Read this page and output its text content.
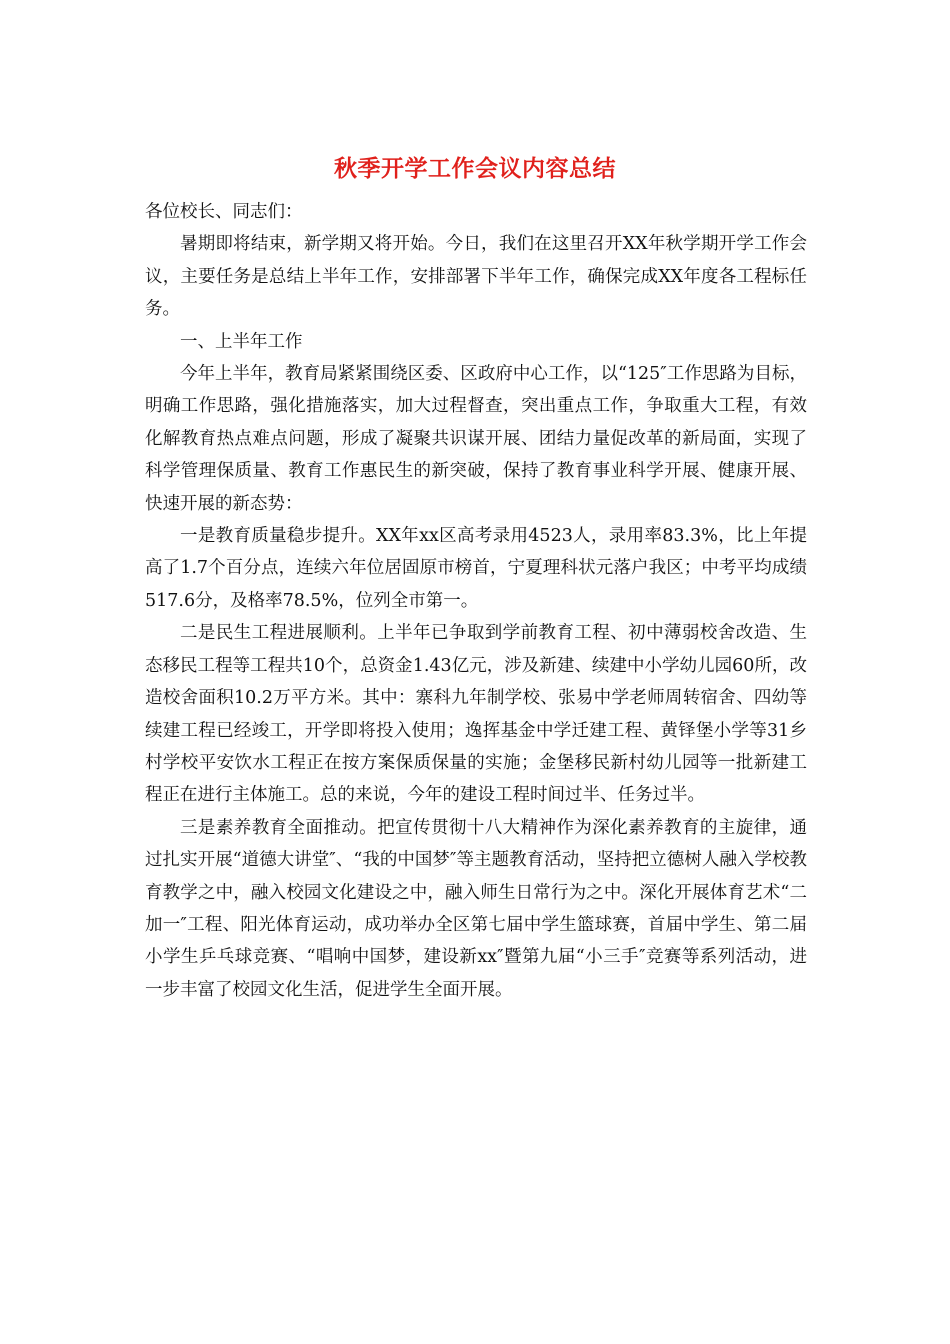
秋季开学工作会议内容总结

各位校长、同志们：

暑期即将结束，新学期又将开始。今日，我们在这里召开XX年秋学期开学工作会议，主要任务是总结上半年工作，安排部署下半年工作，确保完成XX年度各工程标任务。

一、上半年工作

今年上半年，教育局紧紧围绕区委、区政府中心工作，以“125″工作思路为目标，明确工作思路，强化措施落实，加大过程督查，突出重点工作，争取重大工程，有效化解教育热点难点问题，形成了凝聚共识谋开展、团结力量促改革的新局面，实现了科学管理保质量、教育工作惠民生的新突破，保持了教育事业科学开展、健康开展、快速开展的新态势：

一是教育质量稳步提升。XX年xx区高考录用4523人，录用率83.3%，比上年提高了1.7个百分点，连续六年位居固原市榜首，宁夏理科状元落户我区；中考平均成绩517.6分，及格率78.5%，位列全市第一。

二是民生工程进展顺利。上半年已争取到学前教育工程、初中薄弱校舍改造、生态移民工程等工程共10个，总资金1.43亿元，涉及新建、续建中小学幼儿园60所，改造校舍面积10.2万平方米。其中：寨科九年制学校、张易中学老师周转宿舍、四幼等续建工程已经竣工，开学即将投入使用；逸挥基金中学迁建工程、黄铎堡小学等31乡村学校平安饮水工程正在按方案保质保量的实施；金堡移民新村幼儿园等一批新建工程正在进行主体施工。总的来说，今年的建设工程时间过半、任务过半。

三是素养教育全面推动。把宣传贯彻十八大精神作为深化素养教育的主旋律，通过扎实开展“道德大讲堂″、“我的中国梦″等主题教育活动，坚持把立德树人融入学校教育教学之中，融入校园文化建设之中，融入师生日常行为之中。深化开展体育艺术“二加一″工程、阳光体育运动，成功举办全区第七届中学生篮球赛，首届中学生、第二届小学生乒乓球竞赛、“唱响中国梦，建设新xx″暨第九届“小三手″竞赛等系列活动，进一步丰富了校园文化生活，促进学生全面开展。
